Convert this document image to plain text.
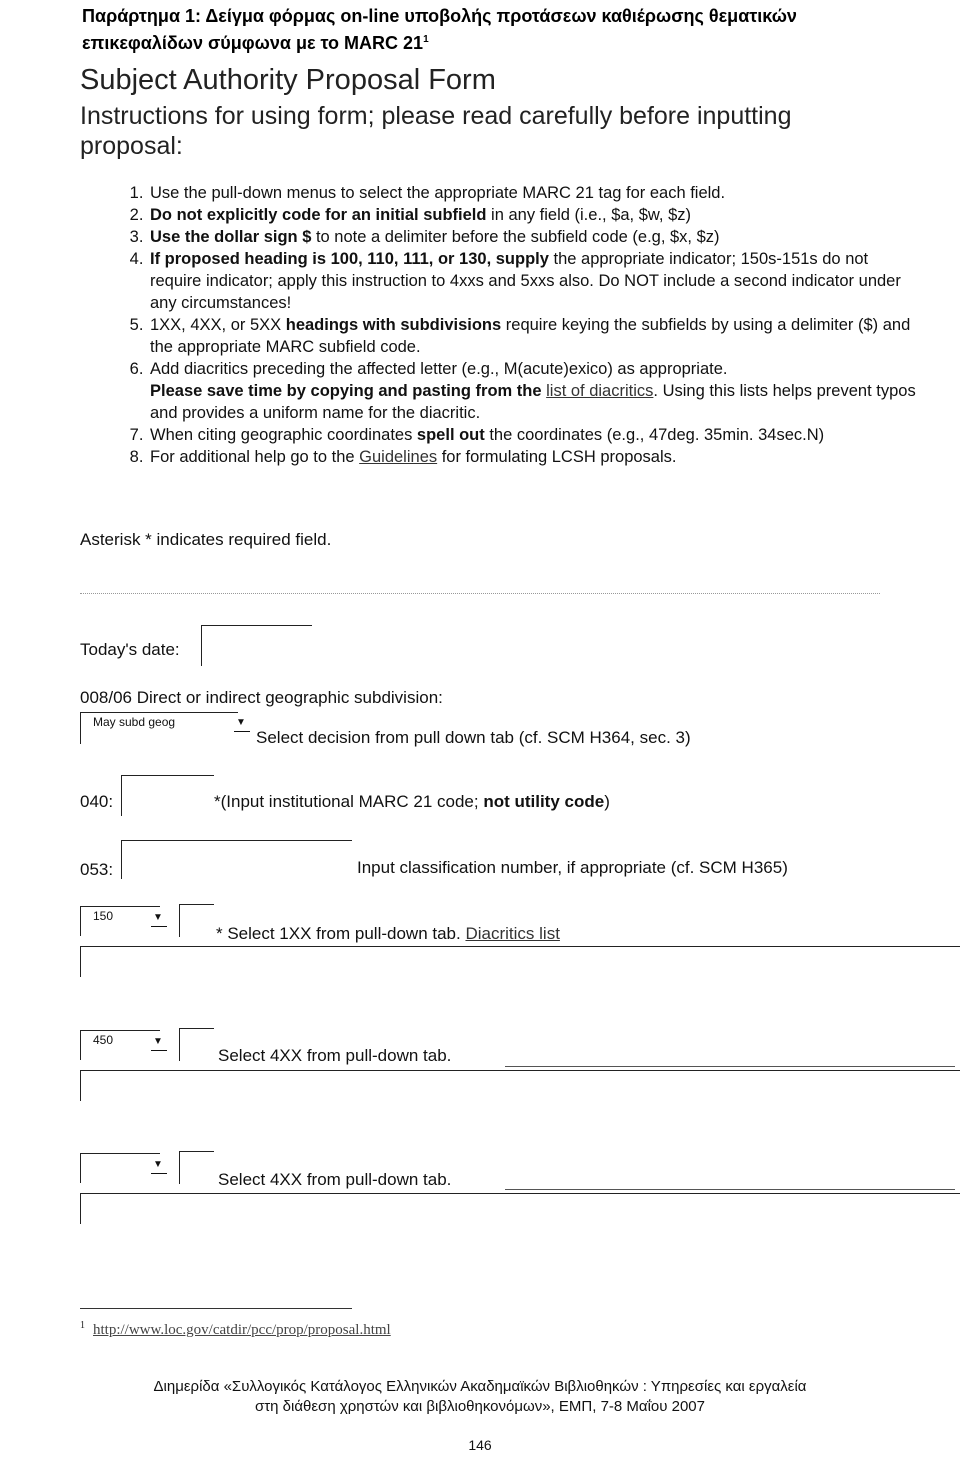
Παράρτημα 1: Δείγμα φόρμας on-line υποβολής προτάσεων καθιέρωσης θεματικών
επικεφαλίδων σύμφωνα με το MARC $21^1$
Subject Authority Proposal Form
Instructions for using form; please read carefully before inputting proposal:
1. Use the pull-down menus to select the appropriate MARC 21 tag for each field.
2. Do not explicitly code for an initial subfield in any field (i.e., $a, $w, $z)
3. Use the dollar sign $ to note a delimiter before the subfield code (e.g, $x, $z)
4. If proposed heading is 100, 110, 111, or 130, supply the appropriate indicator; 150s-151s do not require indicator; apply this instruction to 4xxs and 5xxs also. Do NOT include a second indicator under any circumstances!
5. 1XX, 4XX, or 5XX headings with subdivisions require keying the subfields by using a delimiter ($) and the appropriate MARC subfield code.
6. Add diacritics preceding the affected letter (e.g., M(acute)exico) as appropriate.
Please save time by copying and pasting from the list of diacritics. Using this lists helps prevent typos and provides a uniform name for the diacritic.
7. When citing geographic coordinates spell out the coordinates (e.g., 47deg. 35min. 34sec.N)
8. For additional help go to the Guidelines for formulating LCSH proposals.
Asterisk * indicates required field.
Today's date:
008/06 Direct or indirect geographic subdivision:
May subd geog	▼
Select decision from pull down tab (cf. SCM H364, sec. 3)
040:	*(Input institutional MARC 21 code; not utility code)
053:	Input classification number, if appropriate (cf. SCM H365)
150	▼
* Select 1XX from pull-down tab. Diacritics list
450	▼
Select 4XX from pull-down tab.
▼
Select 4XX from pull-down tab.
$^1$ http://www.loc.gov/catdir/pcc/prop/proposal.html
Διημερίδα «Συλλογικός Κατάλογος Ελληνικών Ακαδημαϊκών Βιβλιοθηκών : Υπηρεσίες και εργαλεία
στη διάθεση χρηστών και βιβλιοθηκονόμων», ΕΜΠ, 7-8 Μαΐου 2007
146
